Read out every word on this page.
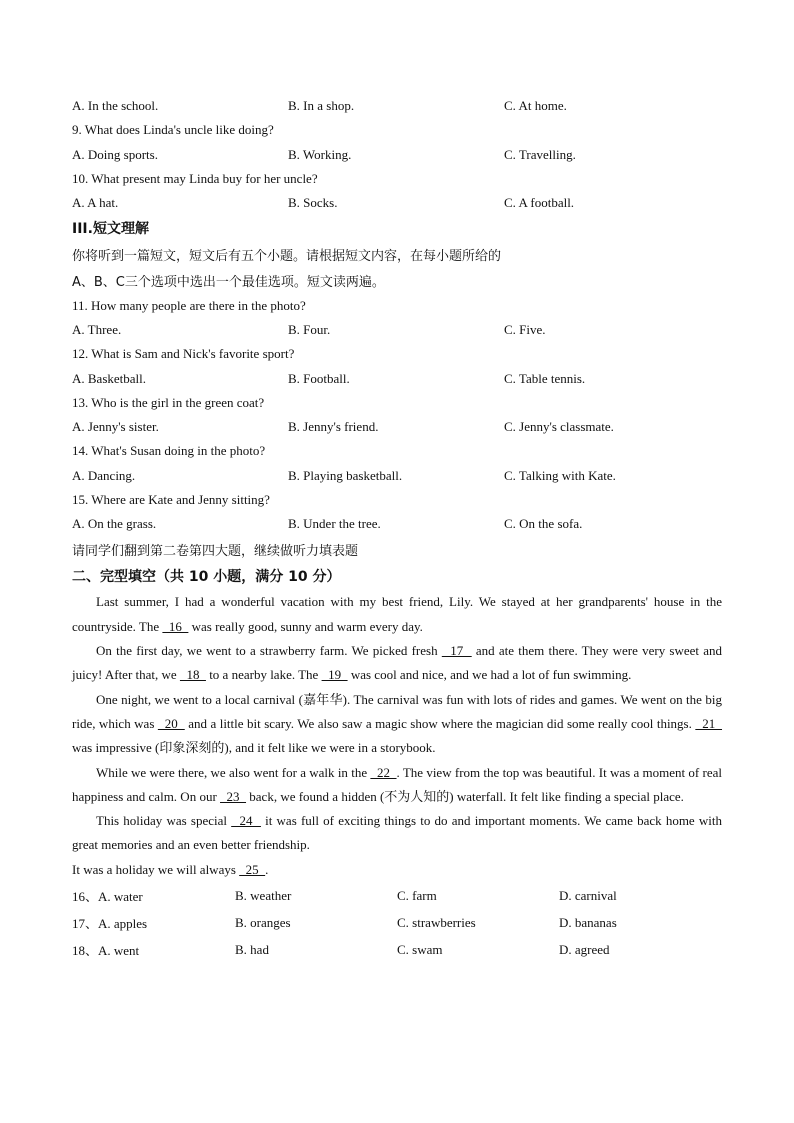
A. In the school.	B. In a shop.	C. At home.
9. What does Linda's uncle like doing?
A. Doing sports.	B. Working.	C. Travelling.
10. What present may Linda buy for her uncle?
A. A hat.	B. Socks.	C. A football.
III.短文理解
你将听到一篇短文，短文后有五个小题。请根据短文内容，在每小题所给的
A、B、C三个选项中选出一个最佳选项。短文读两遍。
11. How many people are there in the photo?
A. Three.	B. Four.	C. Five.
12. What is Sam and Nick's favorite sport?
A. Basketball.	B. Football.	C. Table tennis.
13. Who is the girl in the green coat?
A. Jenny's sister.	B. Jenny's friend.	C. Jenny's classmate.
14. What's Susan doing in the photo?
A. Dancing.	B. Playing basketball.	C. Talking with Kate.
15. Where are Kate and Jenny sitting?
A. On the grass.	B. Under the tree.	C. On the sofa.
请同学们翻到第二卷第四大题，继续做听力填表题
二、完型填空（共 10 小题，满分 10 分）

Last summer, I had a wonderful vacation with my best friend, Lily. We stayed at her grandparents' house in the countryside. The   16   was really good, sunny and warm every day.

On the first day, we went to a strawberry farm. We picked fresh   17   and ate them there. They were very sweet and juicy! After that, we   18   to a nearby lake. The   19   was cool and nice, and we had a lot of fun swimming.

One night, we went to a local carnival (嘉年华). The carnival was fun with lots of rides and games. We went on the big ride, which was   20   and a little bit scary. We also saw a magic show where the magician did some really cool things.   21   was impressive (印象深刻的), and it felt like we were in a storybook.

While we were there, we also went for a walk in the   22  . The view from the top was beautiful. It was a moment of real happiness and calm. On our   23   back, we found a hidden (不为人知的) waterfall. It felt like finding a special place.

This holiday was special   24   it was full of exciting things to do and important moments. We came back home with great memories and an even better friendship.

It was a holiday we will always   25  .

16、A. water	B. weather	C. farm	D. carnival
17、A. apples	B. oranges	C. strawberries	D. bananas
18、A. went	B. had	C. swam	D. agreed
